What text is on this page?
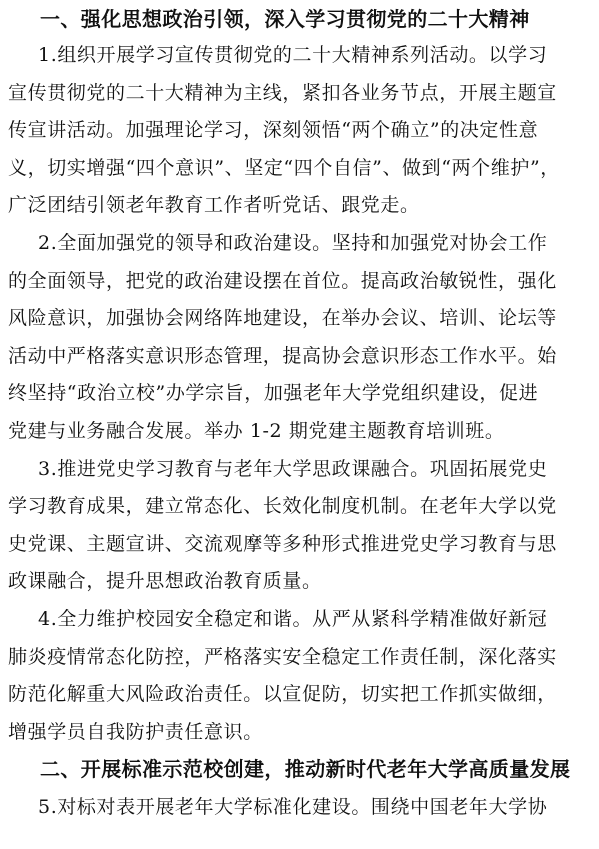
一、强化思想政治引领，深入学习贯彻党的二十大精神
1.组织开展学习宣传贯彻党的二十大精神系列活动。以学习
宣传贯彻党的二十大精神为主线，紧扣各业务节点，开展主题宣
传宣讲活动。加强理论学习，深刻领悟“两个确立”的决定性意
义，切实增强“四个意识”、坚定“四个自信”、做到“两个维护”，
广泛团结引领老年教育工作者听党话、跟党走。
2.全面加强党的领导和政治建设。坚持和加强党对协会工作
的全面领导，把党的政治建设摆在首位。提高政治敏锐性，强化
风险意识，加强协会网络阵地建设，在举办会议、培训、论坛等
活动中严格落实意识形态管理，提高协会意识形态工作水平。始
终坚持“政治立校”办学宗旨，加强老年大学党组织建设，促进
党建与业务融合发展。举办 1-2 期党建主题教育培训班。
3.推进党史学习教育与老年大学思政课融合。巩固拓展党史
学习教育成果，建立常态化、长效化制度机制。在老年大学以党
史党课、主题宣讲、交流观摩等多种形式推进党史学习教育与思
政课融合，提升思想政治教育质量。
4.全力维护校园安全稳定和谐。从严从紧科学精准做好新冠
肺炎疫情常态化防控，严格落实安全稳定工作责任制，深化落实
防范化解重大风险政治责任。以宣促防，切实把工作抓实做细，
增强学员自我防护责任意识。
二、开展标准示范校创建，推动新时代老年大学高质量发展
5.对标对表开展老年大学标准化建设。围绕中国老年大学协
